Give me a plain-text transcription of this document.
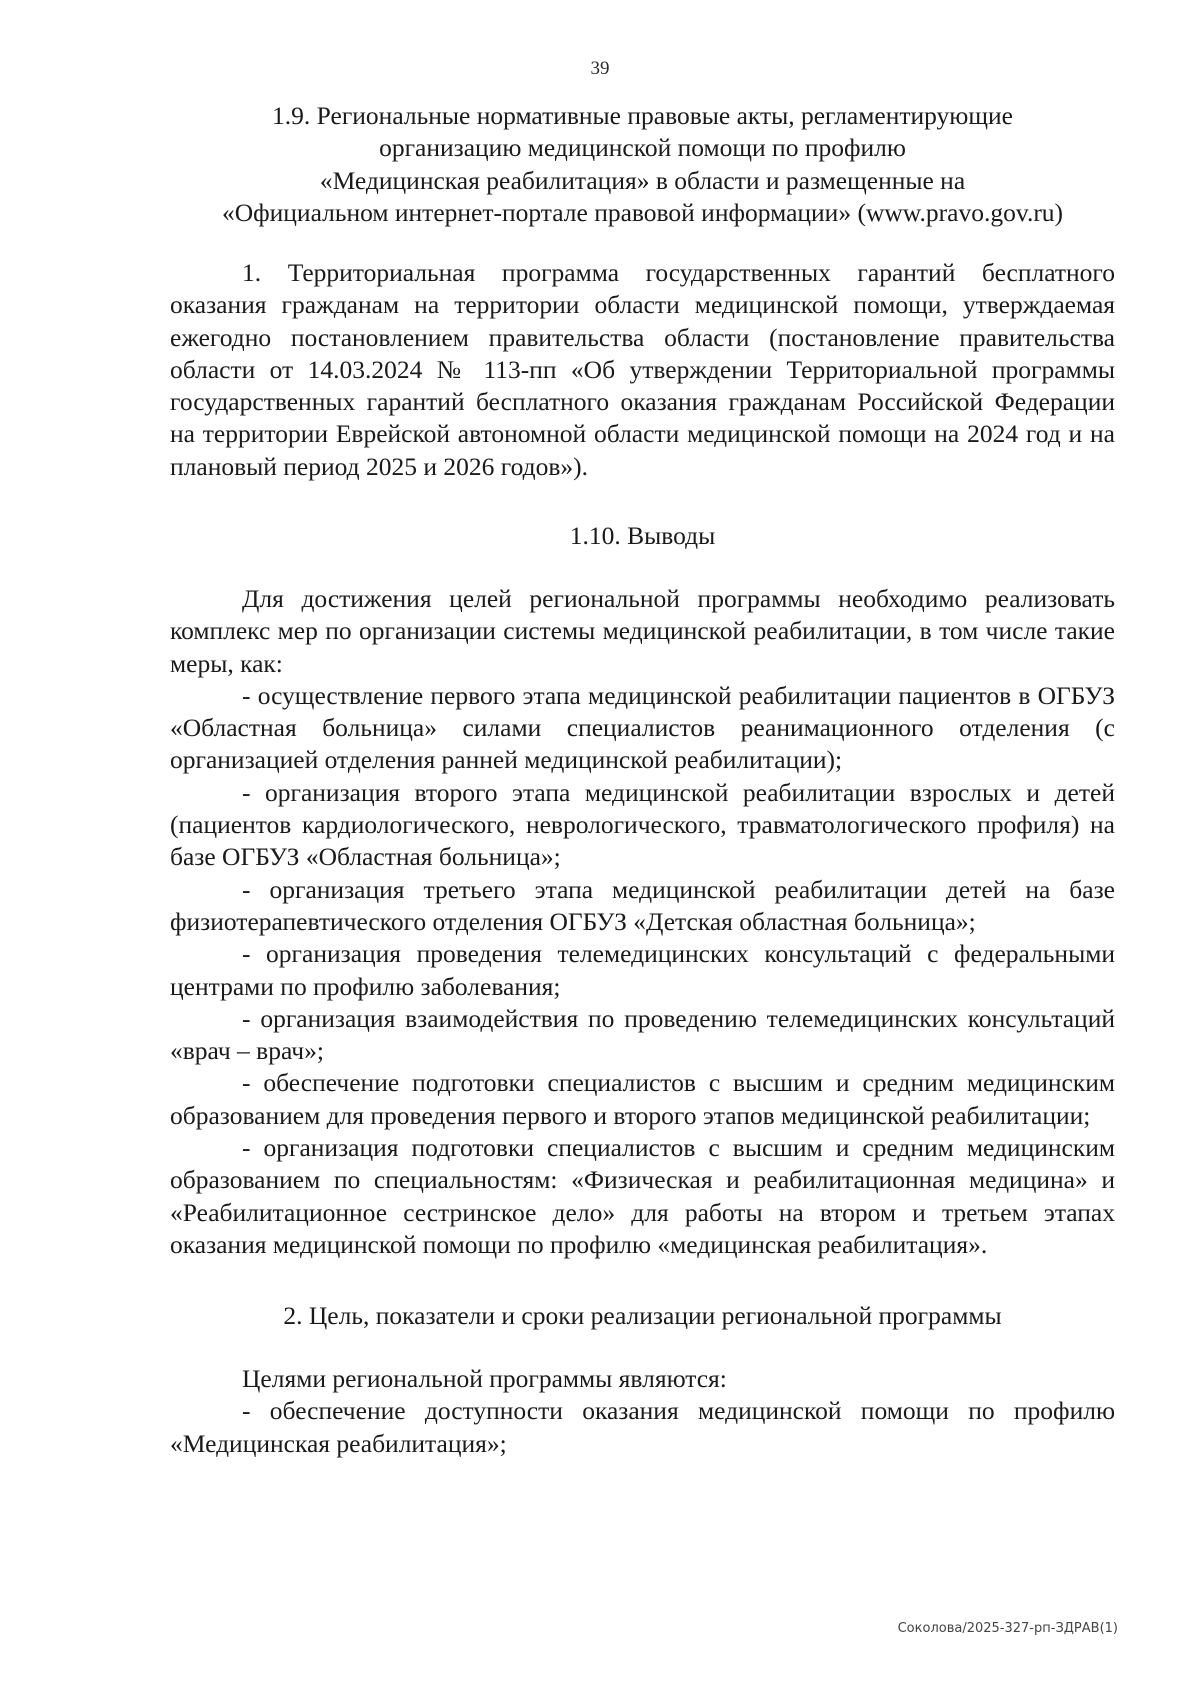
39
1.9. Региональные нормативные правовые акты, регламентирующие
организацию медицинской помощи по профилю
«Медицинская реабилитация» в области и размещенные на
«Официальном интернет-портале правовой информации» (www.pravo.gov.ru)

1. Территориальная программа государственных гарантий бесплатного оказания гражданам на территории области медицинской помощи, утверждаемая ежегодно постановлением правительства области (постановление правительства области от 14.03.2024 № 113-пп «Об утверждении Территориальной программы государственных гарантий бесплатного оказания гражданам Российской Федерации на территории Еврейской автономной области медицинской помощи на 2024 год и на плановый период 2025 и 2026 годов»).

1.10. Выводы

Для достижения целей региональной программы необходимо реализовать комплекс мер по организации системы медицинской реабилитации, в том числе такие меры, как:

- осуществление первого этапа медицинской реабилитации пациентов в ОГБУЗ «Областная больница» силами специалистов реанимационного отделения (с организацией отделения ранней медицинской реабилитации);

- организация второго этапа медицинской реабилитации взрослых и детей (пациентов кардиологического, неврологического, травматологического профиля) на базе ОГБУЗ «Областная больница»;

- организация третьего этапа медицинской реабилитации детей на базе физиотерапевтического отделения ОГБУЗ «Детская областная больница»;

- организация проведения телемедицинских консультаций с федеральными центрами по профилю заболевания;

- организация взаимодействия по проведению телемедицинских консультаций «врач – врач»;

- обеспечение подготовки специалистов с высшим и средним медицинским образованием для проведения первого и второго этапов медицинской реабилитации;

- организация подготовки специалистов с высшим и средним медицинским образованием по специальностям: «Физическая и реабилитационная медицина» и «Реабилитационное сестринское дело» для работы на втором и третьем этапах оказания медицинской помощи по профилю «медицинская реабилитация».

2. Цель, показатели и сроки реализации региональной программы

Целями региональной программы являются:

- обеспечение доступности оказания медицинской помощи по профилю «Медицинская реабилитация»;

Соколова/2025-327-рп-ЗДРАВ(1)
